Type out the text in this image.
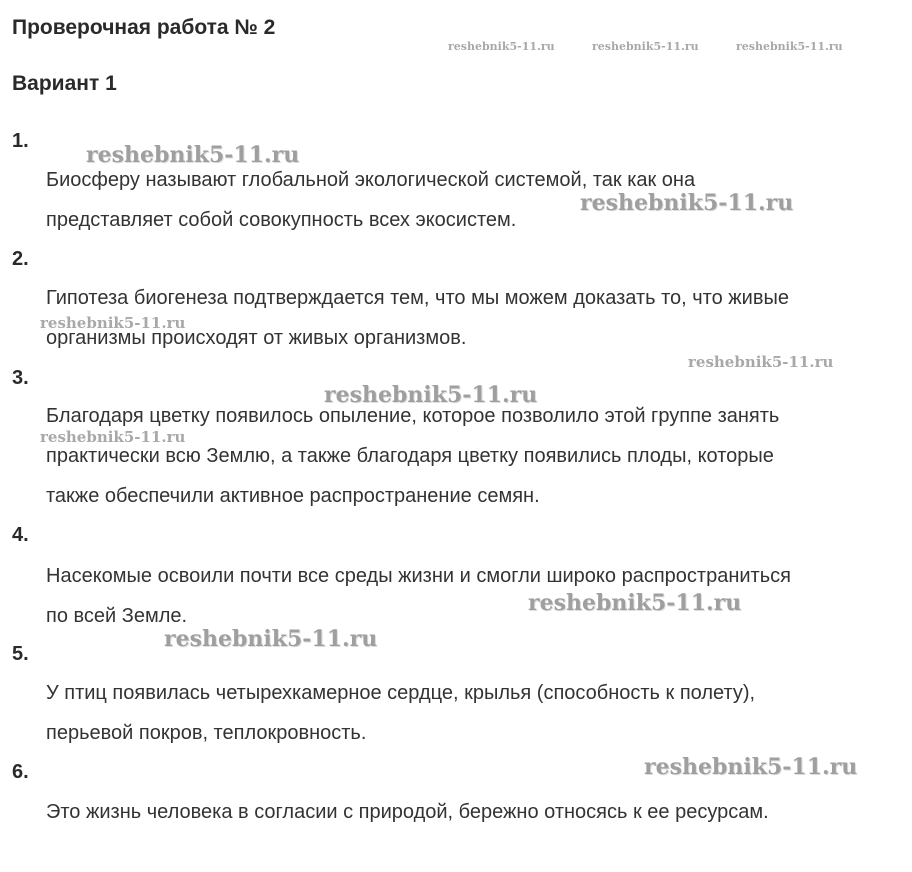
Проверочная работа № 2
Вариант 1
1.
Биосферу называют глобальной экологической системой, так как она
представляет собой совокупность всех экосистем.
2.
Гипотеза биогенеза подтверждается тем, что мы можем доказать то, что живые
организмы происходят от живых организмов.
3.
Благодаря цветку появилось опыление, которое позволило этой группе занять
практически всю Землю, а также благодаря цветку появились плоды, которые
также обеспечили активное распространение семян.
4.
Насекомые освоили почти все среды жизни и смогли широко распространиться
по всей Земле.
5.
У птиц появилась четырехкамерное сердце, крылья (способность к полету),
перьевой покров, теплокровность.
6.
Это жизнь человека в согласии с природой, бережно относясь к ее ресурсам.
reshebnik5-11.ru	reshebnik5-11.ru	reshebnik5-11.ru
reshebnik5-11.ru
reshebnik5-11.ru
reshebnik5-11.ru
reshebnik5-11.ru
reshebnik5-11.ru
reshebnik5-11.ru
reshebnik5-11.ru
reshebnik5-11.ru
reshebnik5-11.ru
